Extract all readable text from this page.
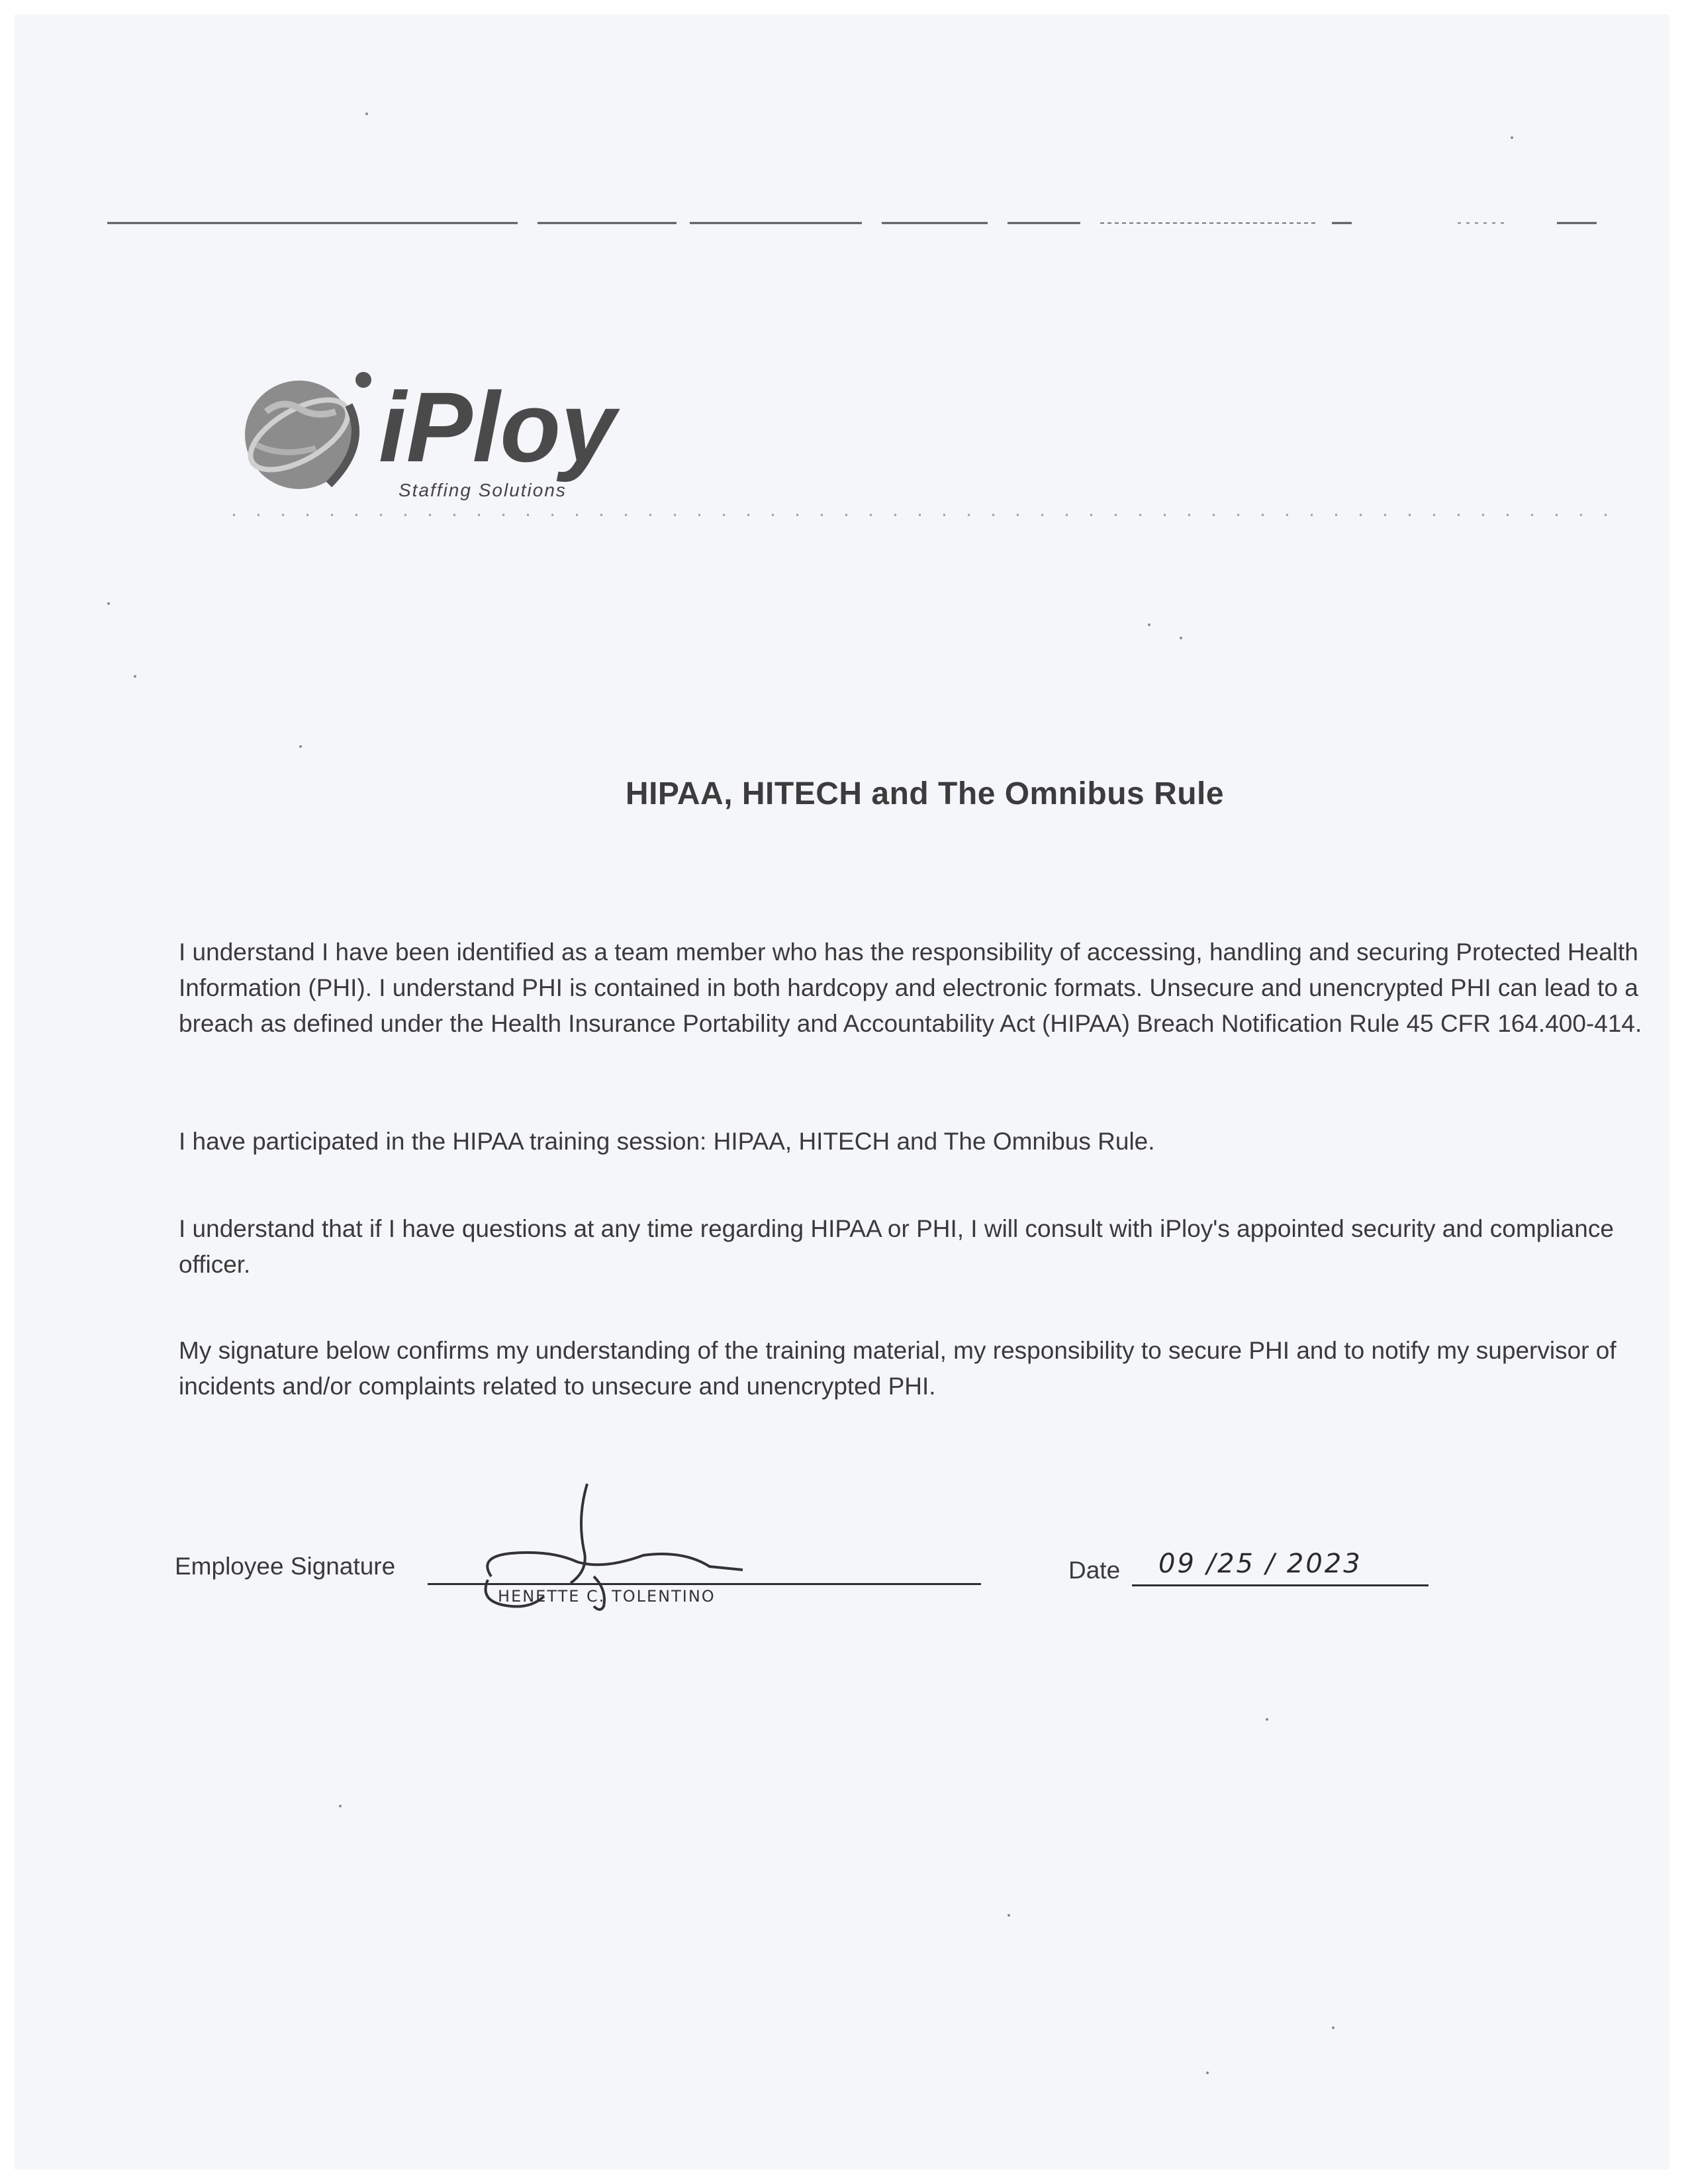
iPloy
Staffing Solutions
HIPAA, HITECH and The Omnibus Rule

I understand I have been identified as a team member who has the responsibility of accessing, handling and securing Protected Health Information (PHI). I understand PHI is contained in both hardcopy and electronic formats. Unsecure and unencrypted PHI can lead to a breach as defined under the Health Insurance Portability and Accountability Act (HIPAA) Breach Notification Rule 45 CFR 164.400-414.

I have participated in the HIPAA training session: HIPAA, HITECH and The Omnibus Rule.

I understand that if I have questions at any time regarding HIPAA or PHI, I will consult with iPloy's appointed security and compliance officer.

My signature below confirms my understanding of the training material, my responsibility to secure PHI and to notify my supervisor of incidents and/or complaints related to unsecure and unencrypted PHI.

Employee Signature
HENETTE C. TOLENTINO
Date 09 /25 / 2023
